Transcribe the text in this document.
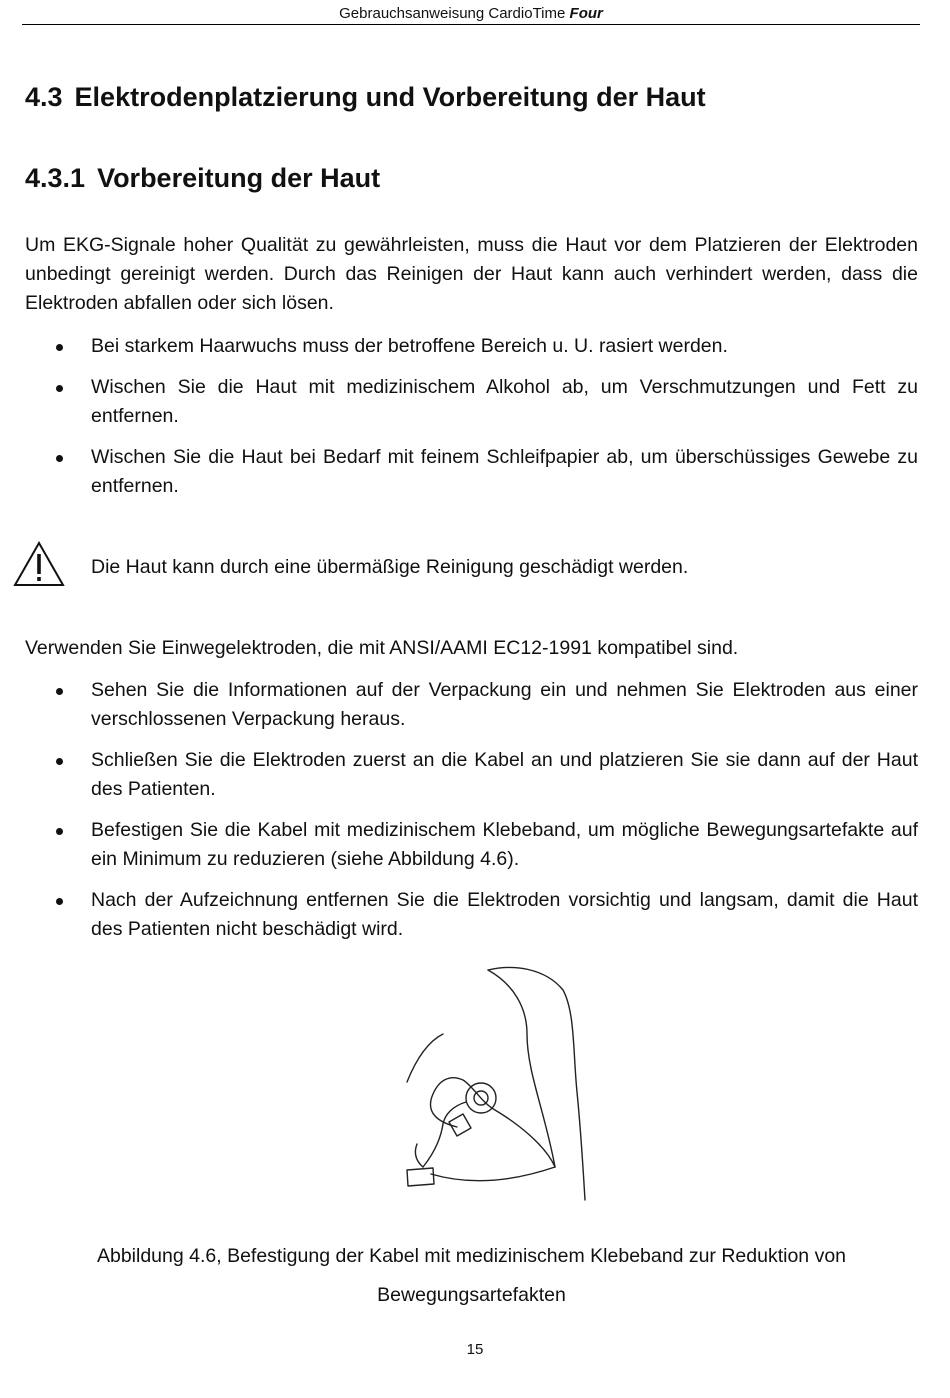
Gebrauchsanweisung CardioTime Four
4.3 Elektrodenplatzierung und Vorbereitung der Haut
4.3.1 Vorbereitung der Haut

Um EKG-Signale hoher Qualität zu gewährleisten, muss die Haut vor dem Platzieren der Elektroden unbedingt gereinigt werden. Durch das Reinigen der Haut kann auch verhindert werden, dass die Elektroden abfallen oder sich lösen.

Bei starkem Haarwuchs muss der betroffene Bereich u. U. rasiert werden.
Wischen Sie die Haut mit medizinischem Alkohol ab, um Verschmutzungen und Fett zu entfernen.
Wischen Sie die Haut bei Bedarf mit feinem Schleifpapier ab, um überschüssiges Gewebe zu entfernen.

Die Haut kann durch eine übermäßige Reinigung geschädigt werden.

Verwenden Sie Einwegelektroden, die mit ANSI/AAMI EC12-1991 kompatibel sind.

Sehen Sie die Informationen auf der Verpackung ein und nehmen Sie Elektroden aus einer verschlossenen Verpackung heraus.
Schließen Sie die Elektroden zuerst an die Kabel an und platzieren Sie sie dann auf der Haut des Patienten.
Befestigen Sie die Kabel mit medizinischem Klebeband, um mögliche Bewegungsartefakte auf ein Minimum zu reduzieren (siehe Abbildung 4.6).
Nach der Aufzeichnung entfernen Sie die Elektroden vorsichtig und langsam, damit die Haut des Patienten nicht beschädigt wird.

Abbildung 4.6, Befestigung der Kabel mit medizinischem Klebeband zur Reduktion von

Bewegungsartefakten

15
